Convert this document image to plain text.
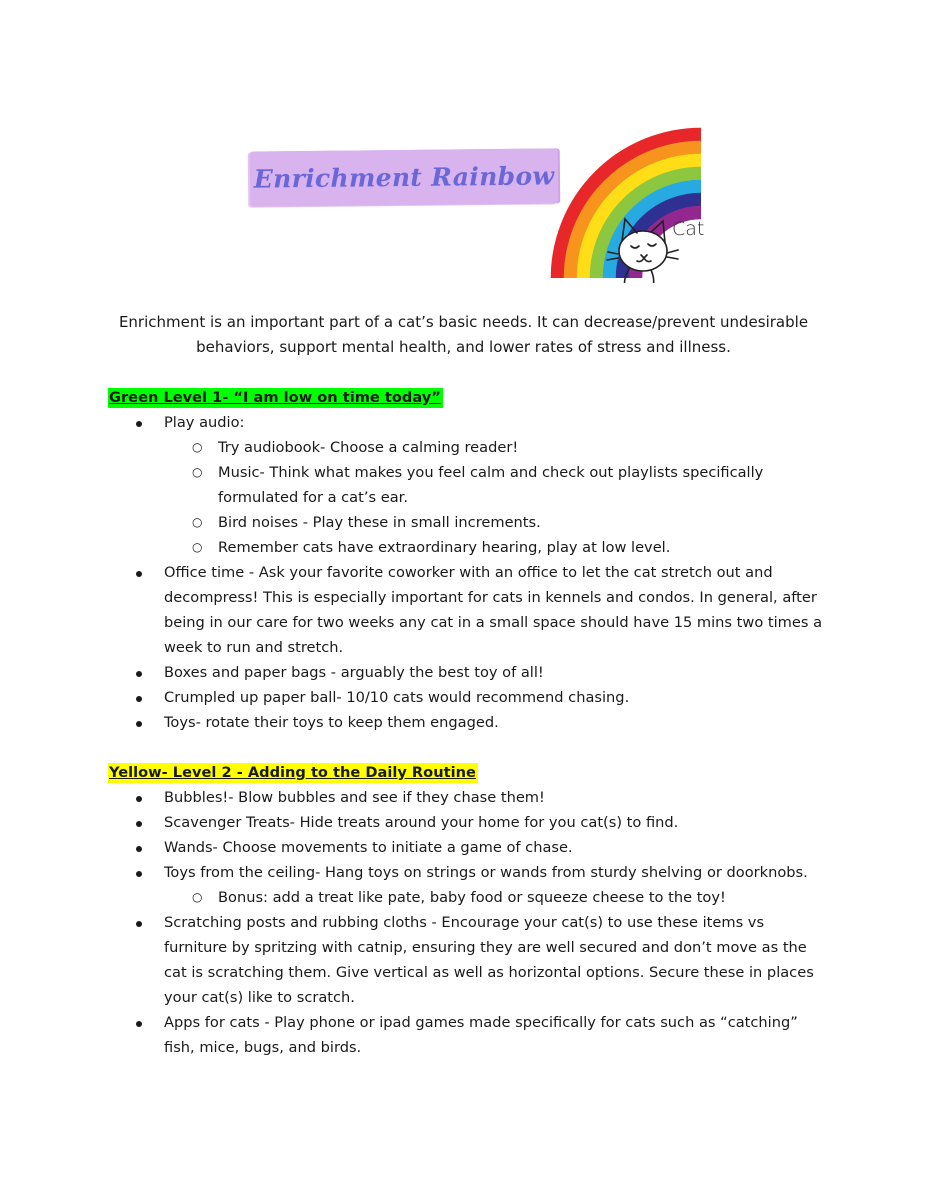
Enrichment Rainbow
Cat
Enrichment is an important part of a cat’s basic needs. It can decrease/prevent undesirable behaviors, support mental health, and lower rates of stress and illness.
Green Level 1- “I am low on time today”
Play audio:
○ Try audiobook- Choose a calming reader!
○ Music- Think what makes you feel calm and check out playlists specifically formulated for a cat’s ear.
○ Bird noises - Play these in small increments.
○ Remember cats have extraordinary hearing, play at low level.
Office time - Ask your favorite coworker with an office to let the cat stretch out and decompress! This is especially important for cats in kennels and condos. In general, after being in our care for two weeks any cat in a small space should have 15 mins two times a week to run and stretch.
Boxes and paper bags - arguably the best toy of all!
Crumpled up paper ball- 10/10 cats would recommend chasing.
Toys- rotate their toys to keep them engaged.
Yellow- Level 2 - Adding to the Daily Routine
Bubbles!- Blow bubbles and see if they chase them!
Scavenger Treats- Hide treats around your home for you cat(s) to find.
Wands- Choose movements to initiate a game of chase.
Toys from the ceiling- Hang toys on strings or wands from sturdy shelving or doorknobs.
○ Bonus: add a treat like pate, baby food or squeeze cheese to the toy!
Scratching posts and rubbing cloths - Encourage your cat(s) to use these items vs furniture by spritzing with catnip, ensuring they are well secured and don’t move as the cat is scratching them. Give vertical as well as horizontal options. Secure these in places your cat(s) like to scratch.
Apps for cats - Play phone or ipad games made specifically for cats such as “catching” fish, mice, bugs, and birds.
